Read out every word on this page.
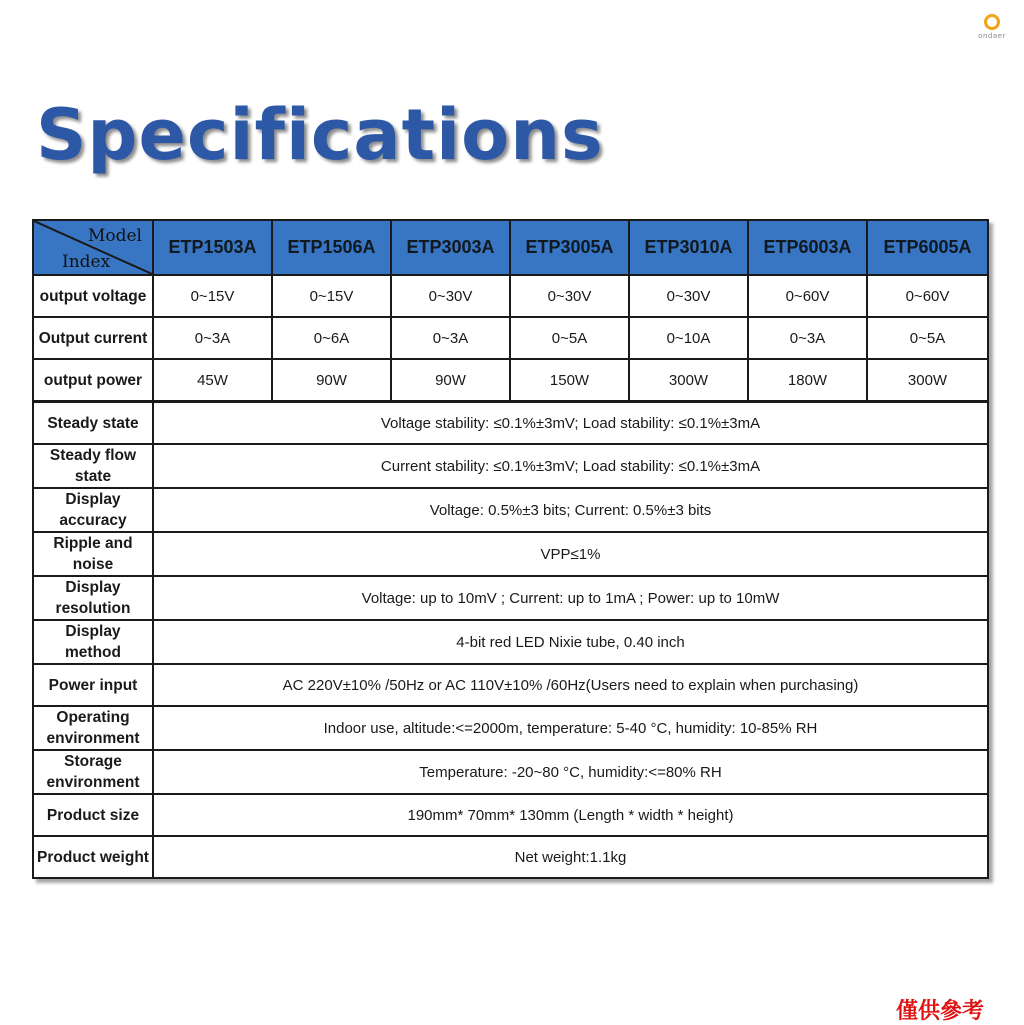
ondaer
Specifications
Model
Index	ETP1503A	ETP1506A	ETP3003A	ETP3005A	ETP3010A	ETP6003A	ETP6005A
output voltage	0~15V	0~15V	0~30V	0~30V	0~30V	0~60V	0~60V
Output current	0~3A	0~6A	0~3A	0~5A	0~10A	0~3A	0~5A
output power	45W	90W	90W	150W	300W	180W	300W
Steady state	Voltage stability: ≤0.1%±3mV; Load stability: ≤0.1%±3mA						
Steady flow state	Current stability: ≤0.1%±3mV; Load stability: ≤0.1%±3mA						
Display accuracy	Voltage: 0.5%±3 bits; Current: 0.5%±3 bits						
Ripple and noise	VPP≤1%						
Display resolution	Voltage: up to 10mV ; Current: up to 1mA ; Power: up to 10mW						
Display method	4-bit red LED Nixie tube, 0.40 inch						
Power input	AC 220V±10% /50Hz or AC 110V±10% /60Hz(Users need to explain when purchasing)						
Operating environment	Indoor use, altitude:<=2000m, temperature: 5-40 °C, humidity: 10-85% RH						
Storage environment	Temperature: -20~80 °C, humidity:<=80% RH						
Product size	190mm* 70mm* 130mm (Length * width * height)						
Product weight	Net weight:1.1kg						
僅供參考
